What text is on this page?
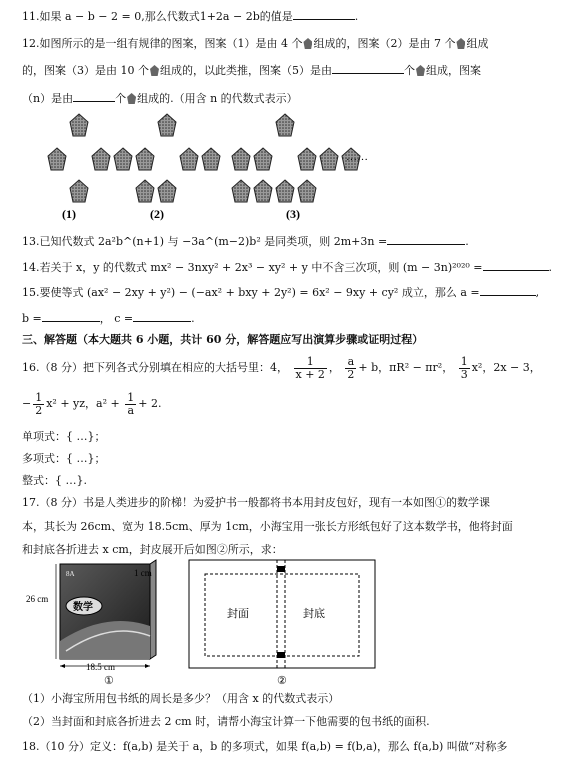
11.如果 a − b − 2 = 0,那么代数式1+2a − 2b的值是	.
12.如图所示的是一组有规律的图案，图案（1）是由 4 个 组成的，图案（2）是由 7 个 组成
的，图案（3）是由 10 个 组成的，以此类推，图案（5）是由	个 组成，图案
（n）是由	个 组成的.（用含 n 的代数式表示）
(1)	(2)	(3)
……
13.已知代数式 2a²b^(n+1) 与 −3a^(m−2)b² 是同类项，则 2m+3n =	.
14.若关于 x，y 的代数式 mx² − 3nxy² + 2x³ − xy² + y 中不含三次项，则 (m − 3n)²⁰²⁰ =	.
15.要使等式 (ax² − 2xy + y²) − (−ax² + bxy + 2y²) = 6x² − 9xy + cy² 成立，那么 a =	,
b =	， c =	.
三、解答题（本大题共 6 小题，共计 60 分，解答题应写出演算步骤或证明过程）
16.（8 分）把下列各式分别填在相应的大括号里：4， $\frac{1}{x + 2}$ ， $\frac{a}{2} + b$，πR² − πr²， $\frac{1}{3} x^2$，2x − 3，
− $\frac{1}{2} x^2$ + yz，$a^2 + \frac{1}{a} + 2$.
单项式：{ …}；
多项式：{ …}；
整式：{ …}.
17.（8 分）书是人类进步的阶梯！为爱护书一般都将书本用封皮包好，现有一本如图①的数学课
本，其长为 26cm、宽为 18.5cm、厚为 1cm，小海宝用一张长方形纸包好了这本数学书，他将封面
和封底各折进去 x cm，封皮展开后如图②所示，求：
数学
8A
26 cm
1 cm
18.5 cm
①
封面	封底
②
（1）小海宝所用包书纸的周长是多少？（用含 x 的代数式表示）
（2）当封面和封底各折进去 2 cm 时，请帮小海宝计算一下他需要的包书纸的面积.
18.（10 分）定义：f(a,b) 是关于 a，b 的多项式，如果 f(a,b) = f(b,a)，那么 f(a,b) 叫做“对称多
